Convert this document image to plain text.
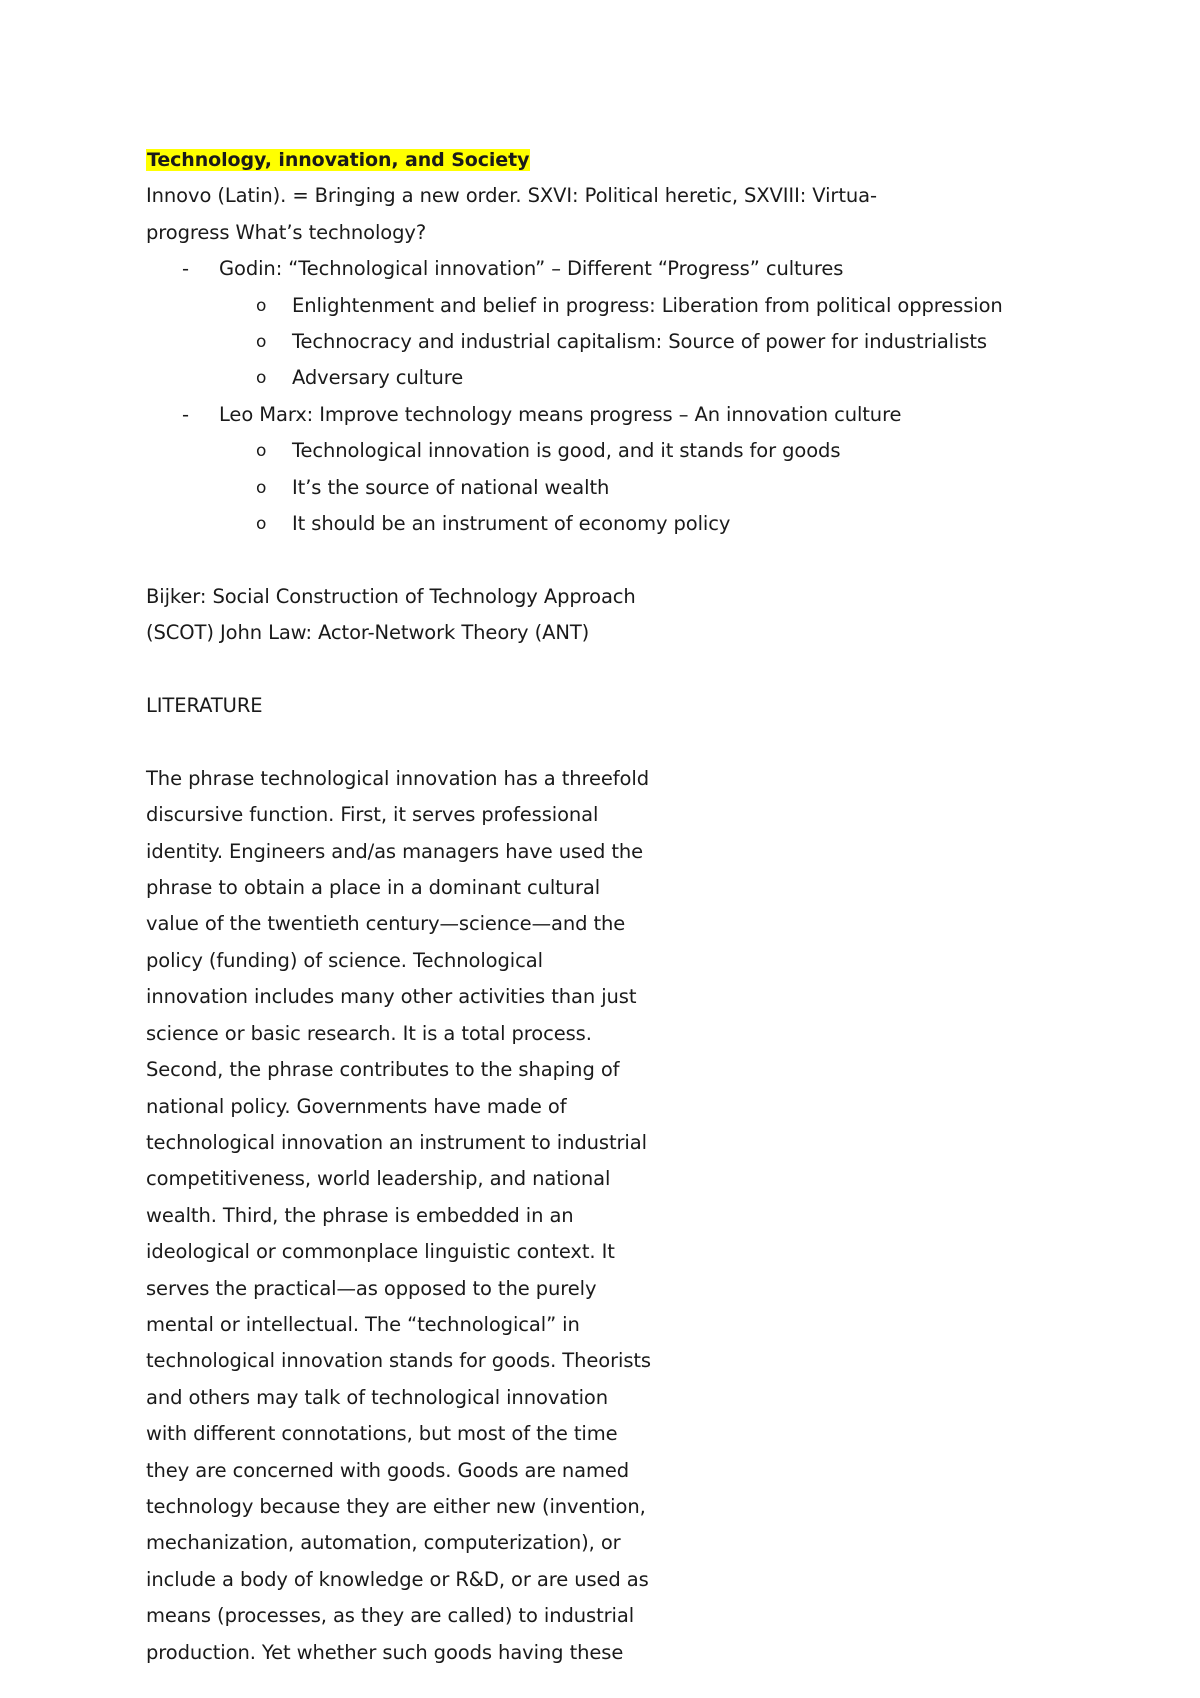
Technology, innovation, and Society
Innovo (Latin). = Bringing a new order. SXVI: Political heretic, SXVIII: Virtua-
progress What’s technology?
- Godin: “Technological innovation” – Different “Progress” cultures
o Enlightenment and belief in progress: Liberation from political oppression
o Technocracy and industrial capitalism: Source of power for industrialists
o Adversary culture
- Leo Marx: Improve technology means progress – An innovation culture
o Technological innovation is good, and it stands for goods
o It’s the source of national wealth
o It should be an instrument of economy policy
Bijker: Social Construction of Technology Approach
(SCOT) John Law: Actor-Network Theory (ANT)
LITERATURE
The phrase technological innovation has a threefold
discursive function. First, it serves professional
identity. Engineers and/as managers have used the
phrase to obtain a place in a dominant cultural
value of the twentieth century—science—and the
policy (funding) of science. Technological
innovation includes many other activities than just
science or basic research. It is a total process.
Second, the phrase contributes to the shaping of
national policy. Governments have made of
technological innovation an instrument to industrial
competitiveness, world leadership, and national
wealth. Third, the phrase is embedded in an
ideological or commonplace linguistic context. It
serves the practical—as opposed to the purely
mental or intellectual. The “technological” in
technological innovation stands for goods. Theorists
and others may talk of technological innovation
with different connotations, but most of the time
they are concerned with goods. Goods are named
technology because they are either new (invention,
mechanization, automation, computerization), or
include a body of knowledge or R&D, or are used as
means (processes, as they are called) to industrial
production. Yet whether such goods having these
